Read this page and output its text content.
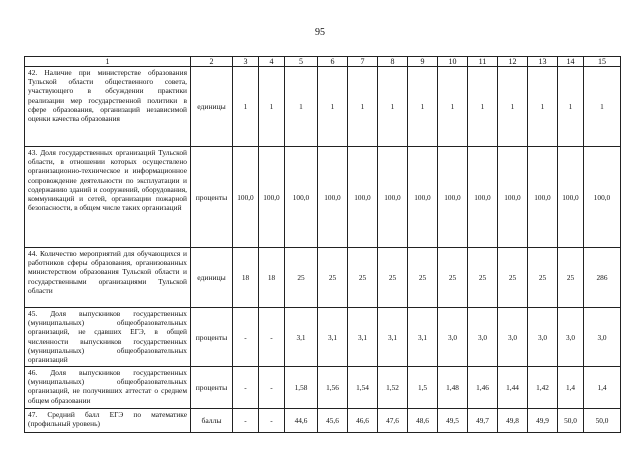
95
1	2	3	4	5	6	7	8	9	10	11	12	13	14	15
42. Наличие при министерстве образования Тульской области общественного совета, участвующего в обсуждении практики реализации мер государственной политики в сфере образования, организаций независимой оценки качества образования	единицы	1	1	1	1	1	1	1	1	1	1	1	1	1
43. Доля государственных организаций Тульской области, в отношении которых осуществлено организационно-техническое и информационное сопровождение деятельности по эксплуатации и содержанию зданий и сооружений, оборудования, коммуникаций и сетей, организации пожарной безопасности, в общем числе таких организаций	проценты	100,0	100,0	100,0	100,0	100,0	100,0	100,0	100,0	100,0	100,0	100,0	100,0	100,0
44. Количество мероприятий для обучающихся и работников сферы образования, организованных министерством образования Тульской области и государственными организациями Тульской области	единицы	18	18	25	25	25	25	25	25	25	25	25	25	286
45. Доля выпускников государственных (муниципальных) общеобразовательных организаций, не сдавших ЕГЭ, в общей численности выпускников государственных (муниципальных) общеобразовательных организаций	проценты	-	-	3,1	3,1	3,1	3,1	3,1	3,0	3,0	3,0	3,0	3,0	3,0
46. Доля выпускников государственных (муниципальных) общеобразовательных организаций, не получивших аттестат о среднем общем образовании	проценты	-	-	1,58	1,56	1,54	1,52	1,5	1,48	1,46	1,44	1,42	1,4	1,4
47. Средний балл ЕГЭ по математике (профильный уровень)	баллы	-	-	44,6	45,6	46,6	47,6	48,6	49,5	49,7	49,8	49,9	50,0	50,0
